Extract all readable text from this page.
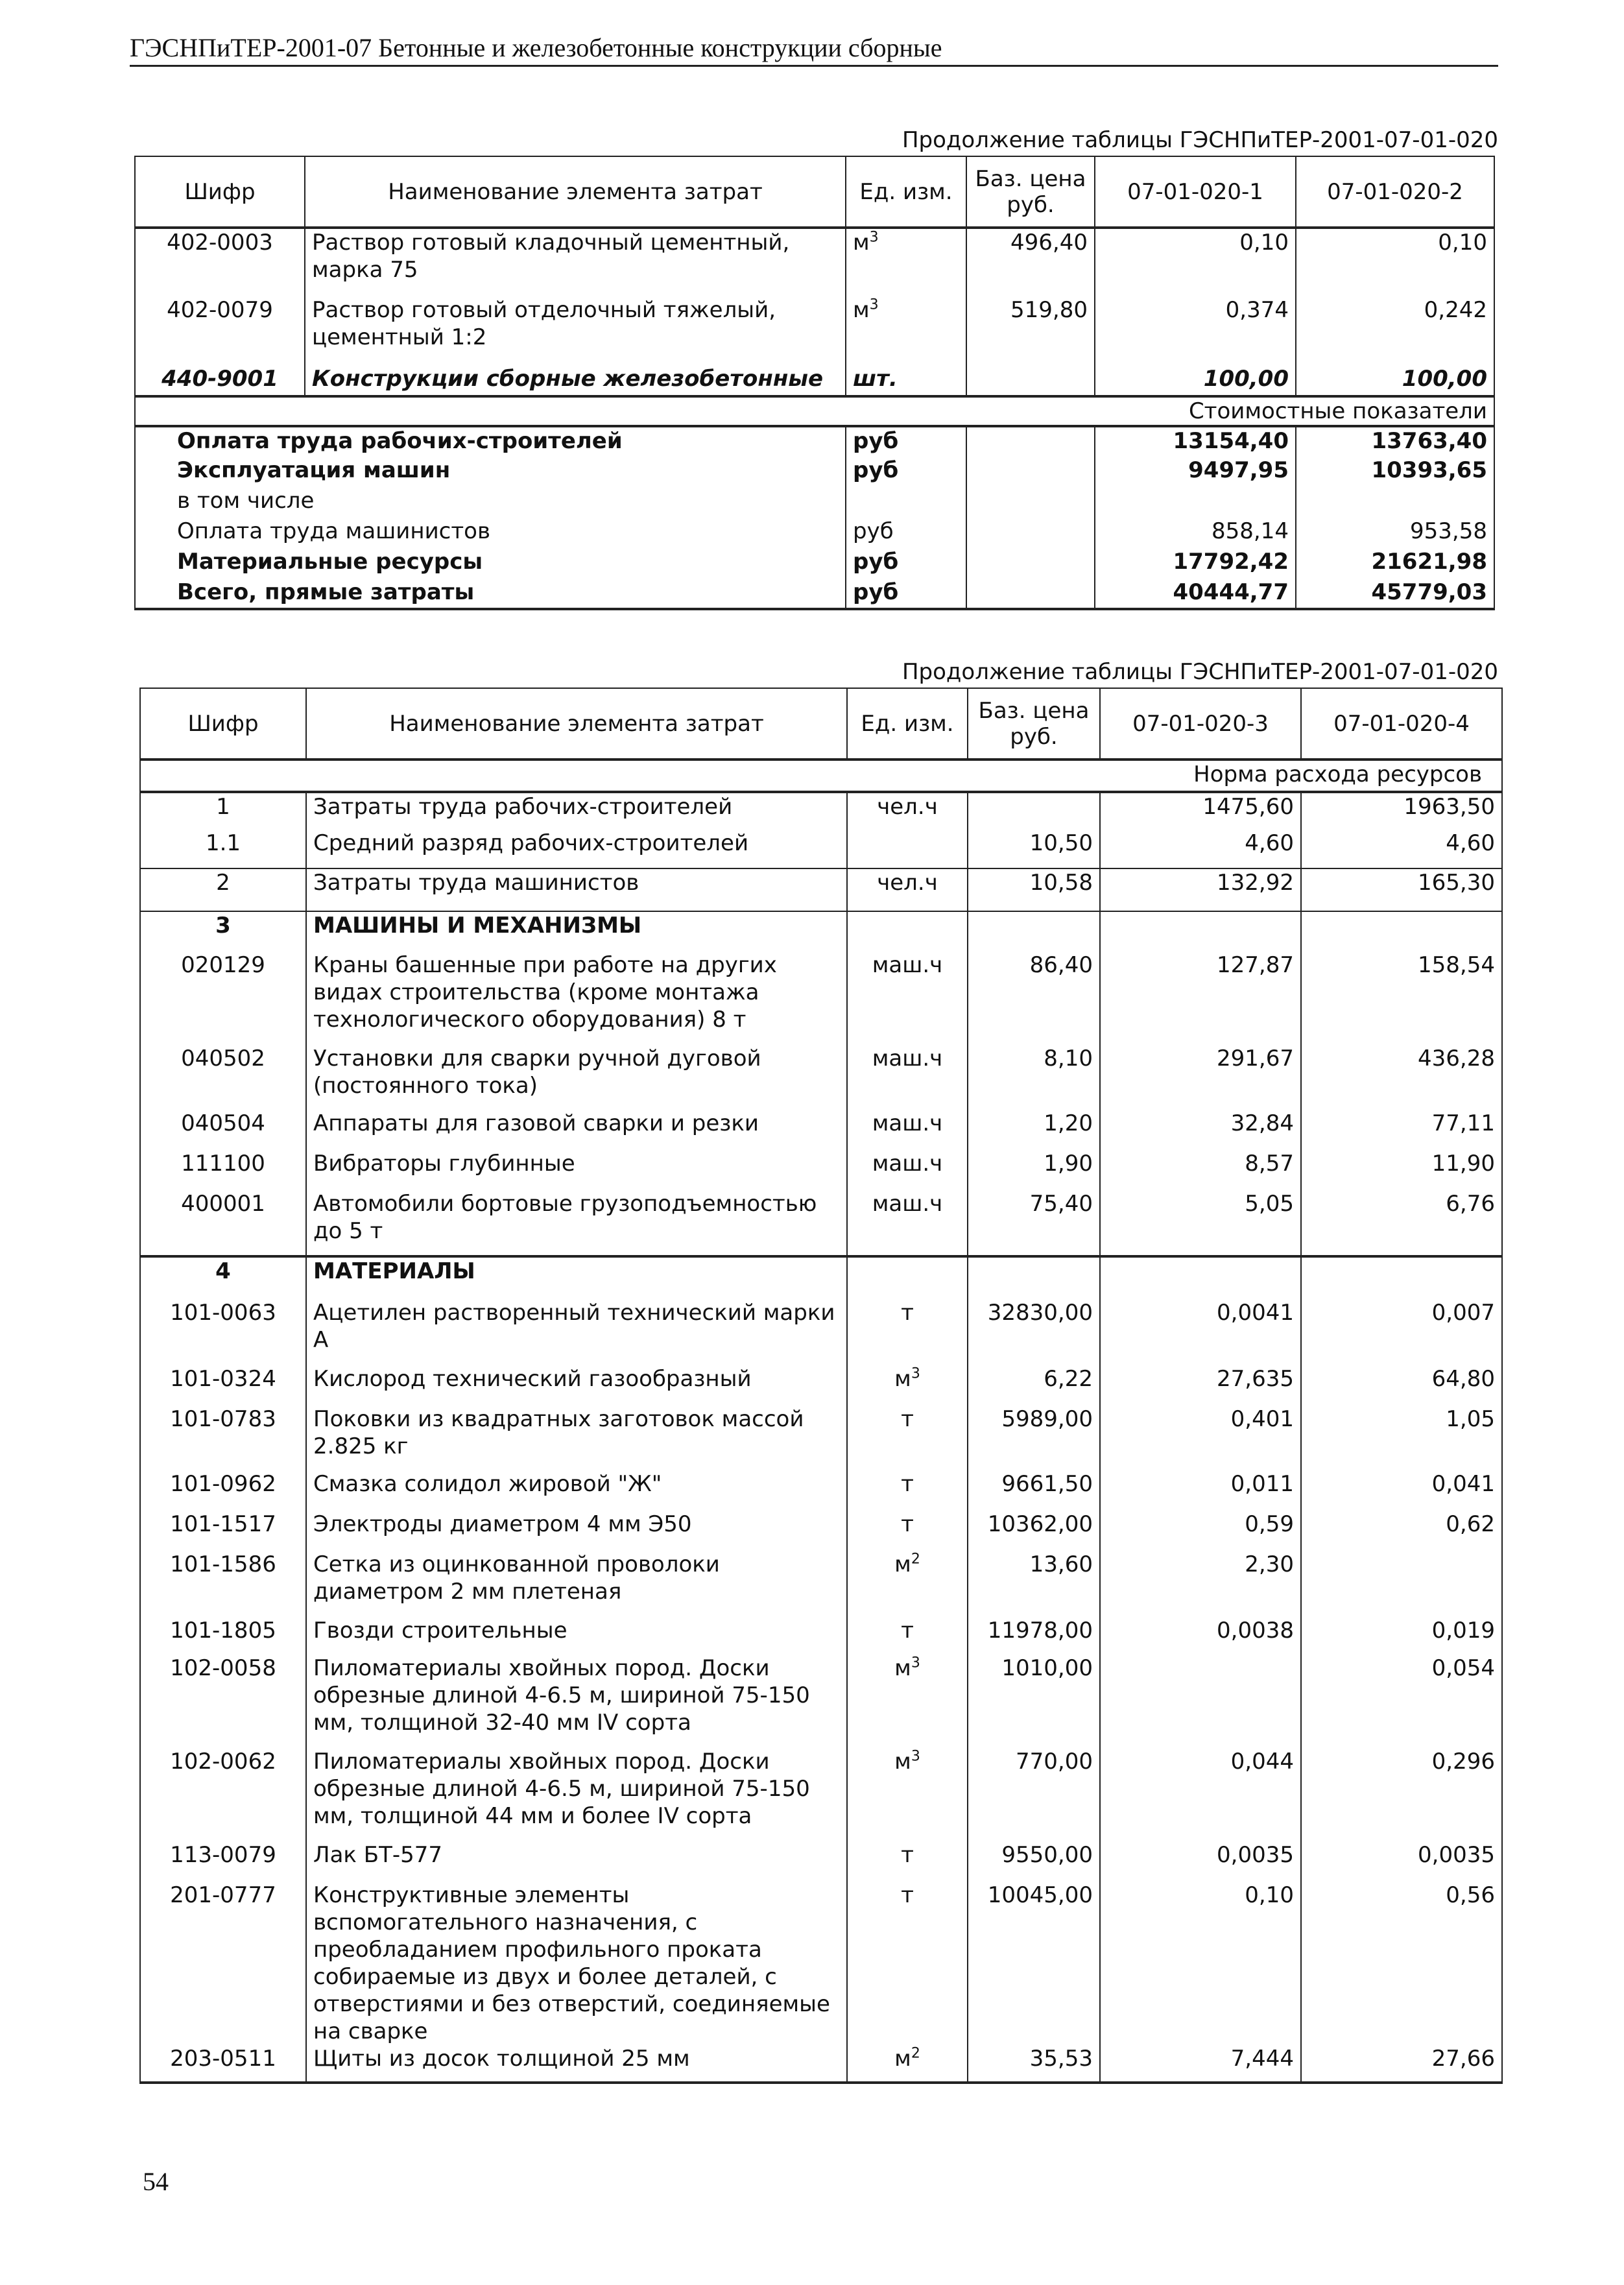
ГЭСНПиТЕР-2001-07 Бетонные и железобетонные конструкции сборные
Продолжение таблицы ГЭСНПиТЕР-2001-07-01-020
Шифр	Наименование элемента затрат	Ед. изм.	Баз. цена руб.	07-01-020-1	07-01-020-2
402-0003	Раствор готовый кладочный цементный, марка 75	$м^3$	496,40	0,10	0,10
402-0079	Раствор готовый отделочный тяжелый, цементный 1:2	$м^3$	519,80	0,374	0,242
440-9001	Конструкции сборные железобетонные	шт.		100,00	100,00
Стоимостные показатели					
Оплата труда рабочих-строителей		руб		13154,40	13763,40
Эксплуатация машин		руб		9497,95	10393,65
в том числе					
Оплата труда машинистов		руб		858,14	953,58
Материальные ресурсы		руб		17792,42	21621,98
Всего, прямые затраты		руб		40444,77	45779,03
Продолжение таблицы ГЭСНПиТЕР-2001-07-01-020
Шифр	Наименование элемента затрат	Ед. изм.	Баз. цена руб.	07-01-020-3	07-01-020-4
Норма расхода ресурсов					
1	Затраты труда рабочих-строителей	чел.ч		1475,60	1963,50
1.1	Средний разряд рабочих-строителей		10,50	4,60	4,60
2	Затраты труда машинистов	чел.ч	10,58	132,92	165,30
3	МАШИНЫ И МЕХАНИЗМЫ				
020129	Краны башенные при работе на других видах строительства (кроме монтажа технологического оборудования) 8 т	маш.ч	86,40	127,87	158,54
040502	Установки для сварки ручной дуговой (постоянного тока)	маш.ч	8,10	291,67	436,28
040504	Аппараты для газовой сварки и резки	маш.ч	1,20	32,84	77,11
111100	Вибраторы глубинные	маш.ч	1,90	8,57	11,90
400001	Автомобили бортовые грузоподъемностью до 5 т	маш.ч	75,40	5,05	6,76
4	МАТЕРИАЛЫ				
101-0063	Ацетилен растворенный технический марки А	т	32830,00	0,0041	0,007
101-0324	Кислород технический газообразный	$м^3$	6,22	27,635	64,80
101-0783	Поковки из квадратных заготовок массой 2.825 кг	т	5989,00	0,401	1,05
101-0962	Смазка солидол жировой "Ж"	т	9661,50	0,011	0,041
101-1517	Электроды диаметром 4 мм Э50	т	10362,00	0,59	0,62
101-1586	Сетка из оцинкованной проволоки диаметром 2 мм плетеная	$м^2$	13,60	2,30	
101-1805	Гвозди строительные	т	11978,00	0,0038	0,019
102-0058	Пиломатериалы хвойных пород. Доски обрезные длиной 4-6.5 м, шириной 75-150 мм, толщиной 32-40 мм IV сорта	$м^3$	1010,00		0,054
102-0062	Пиломатериалы хвойных пород. Доски обрезные длиной 4-6.5 м, шириной 75-150 мм, толщиной 44 мм и более IV сорта	$м^3$	770,00	0,044	0,296
113-0079	Лак БТ-577	т	9550,00	0,0035	0,0035
201-0777	Конструктивные элементы вспомогательного назначения, с преобладанием профильного проката собираемые из двух и более деталей, с отверстиями и без отверстий, соединяемые на сварке	т	10045,00	0,10	0,56
203-0511	Щиты из досок толщиной 25 мм	$м^2$	35,53	7,444	27,66
54
